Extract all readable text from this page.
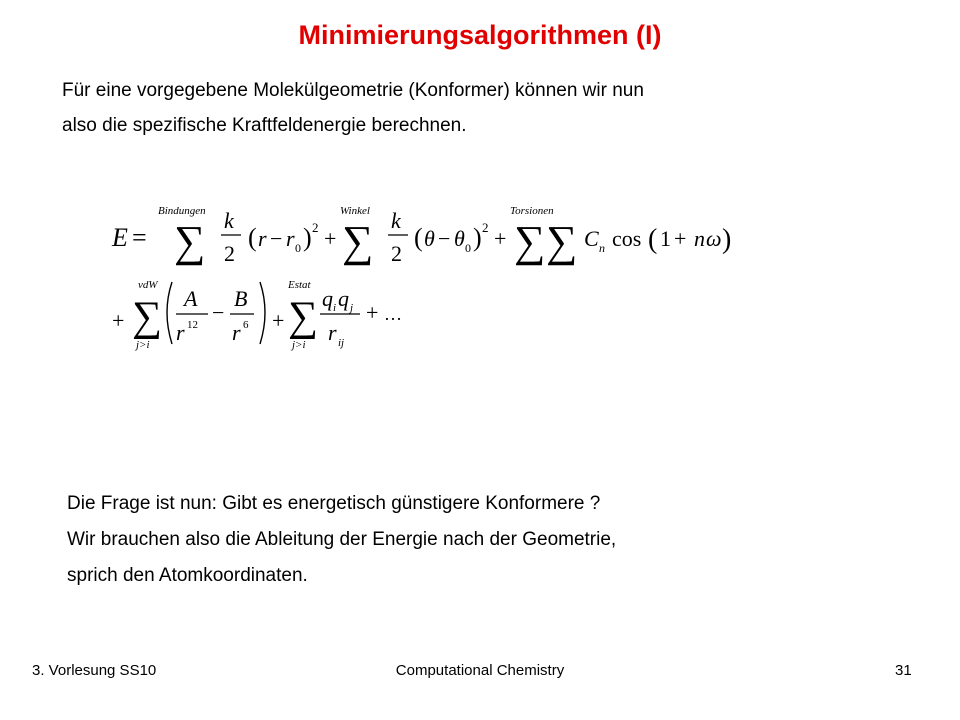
Minimierungsalgorithmen (I)
Für eine vorgegebene Molekülgeometrie (Konformer) können wir nun
also die spezifische Kraftfeldenergie berechnen.
E =
Bindungen
∑ k
2
( r − r 0 ) 2 +
Winkel
∑ k
2
( θ − θ 0 ) 2 +
Torsionen
∑ ∑ C n cos ( 1 + n ω )
+
vdW
∑
j>i
A
r 12 −
B
r 6 +
Estat
∑
j>i
q i q j
r ij
+ …
Die Frage ist nun: Gibt es energetisch günstigere Konformere ?
Wir brauchen also die Ableitung der Energie nach der Geometrie,
sprich den Atomkoordinaten.
3. Vorlesung SS10	Computational Chemistry	31
